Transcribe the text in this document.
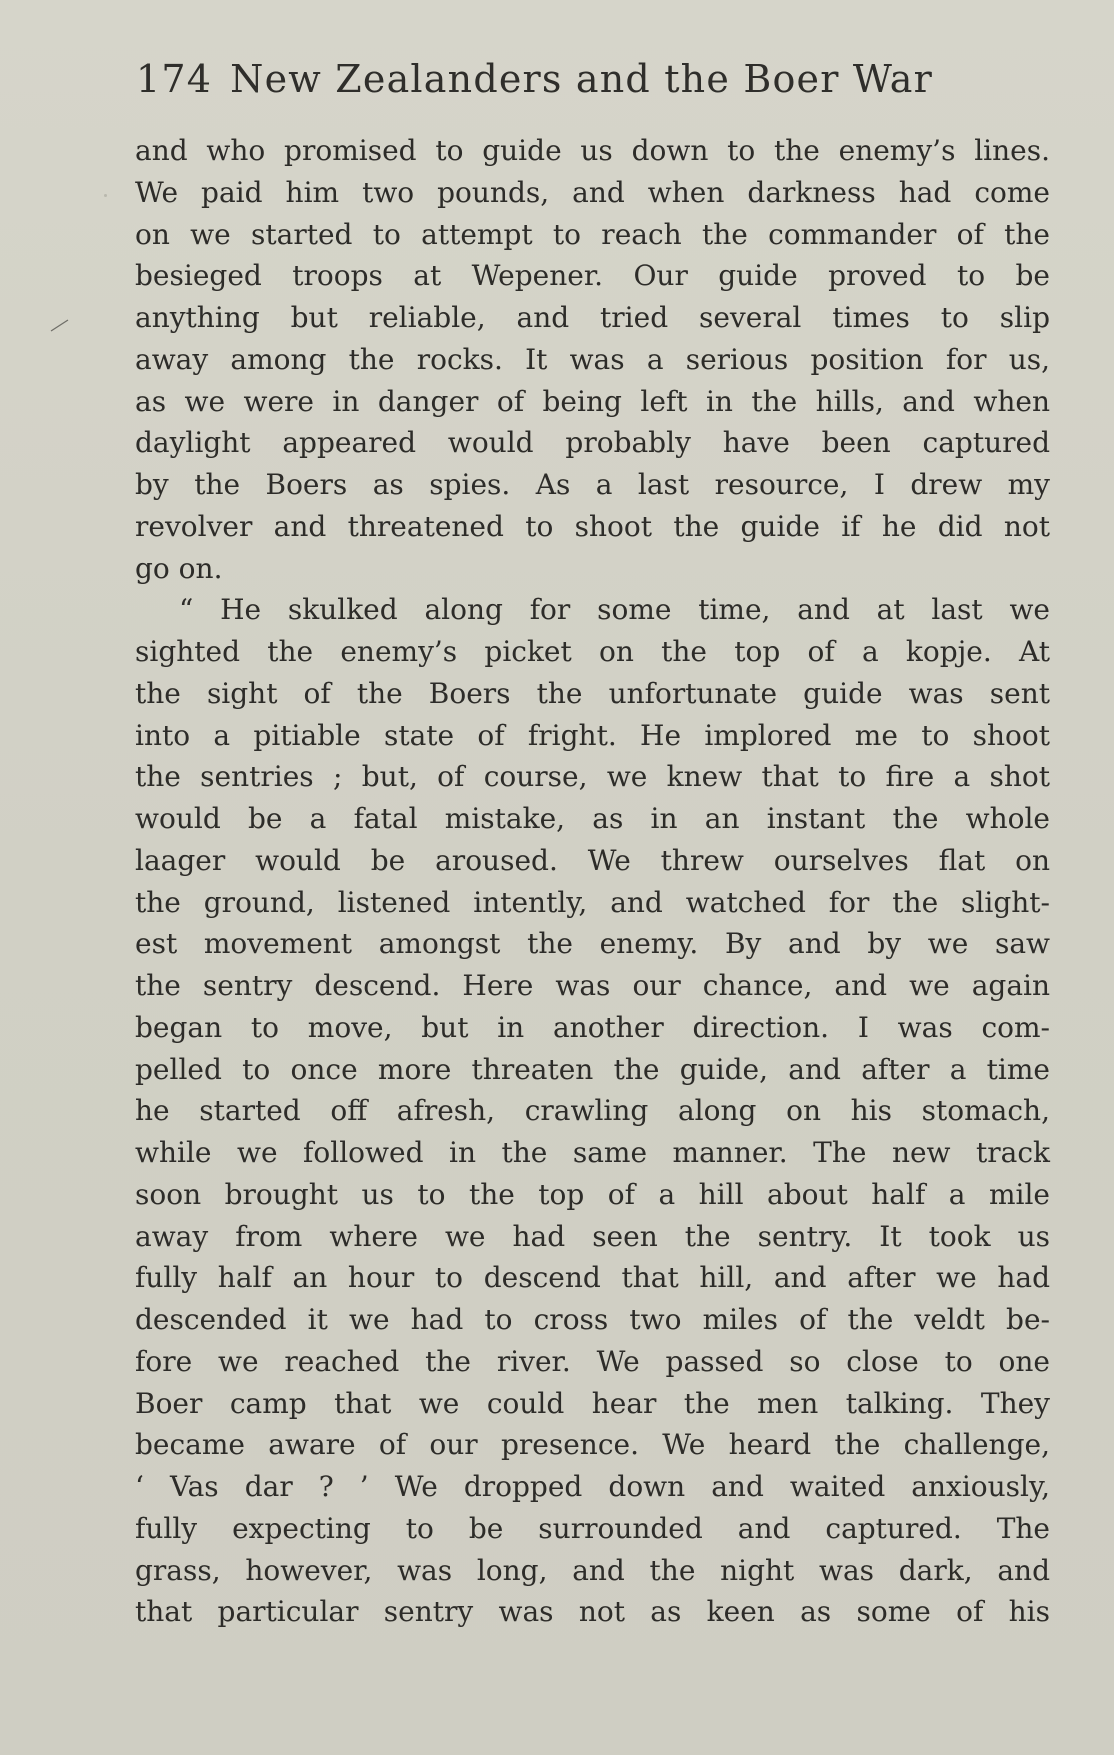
174 New Zealanders and the Boer War
and who promised to guide us down to the enemy’s lines.
We paid him two pounds, and when darkness had come
on we started to attempt to reach the commander of the
besieged troops at Wepener. Our guide proved to be
anything but reliable, and tried several times to slip
away among the rocks. It was a serious position for us,
as we were in danger of being left in the hills, and when
daylight appeared would probably have been captured
by the Boers as spies. As a last resource, I drew my
revolver and threatened to shoot the guide if he did not
go on.
“ He skulked along for some time, and at last we
sighted the enemy’s picket on the top of a kopje. At
the sight of the Boers the unfortunate guide was sent
into a pitiable state of fright. He implored me to shoot
the sentries ; but, of course, we knew that to fire a shot
would be a fatal mistake, as in an instant the whole
laager would be aroused. We threw ourselves flat on
the ground, listened intently, and watched for the slight-
est movement amongst the enemy. By and by we saw
the sentry descend. Here was our chance, and we again
began to move, but in another direction. I was com-
pelled to once more threaten the guide, and after a time
he started off afresh, crawling along on his stomach,
while we followed in the same manner. The new track
soon brought us to the top of a hill about half a mile
away from where we had seen the sentry. It took us
fully half an hour to descend that hill, and after we had
descended it we had to cross two miles of the veldt be-
fore we reached the river. We passed so close to one
Boer camp that we could hear the men talking. They
became aware of our presence. We heard the challenge,
‘ Vas dar ? ’ We dropped down and waited anxiously,
fully expecting to be surrounded and captured. The
grass, however, was long, and the night was dark, and
that particular sentry was not as keen as some of his
